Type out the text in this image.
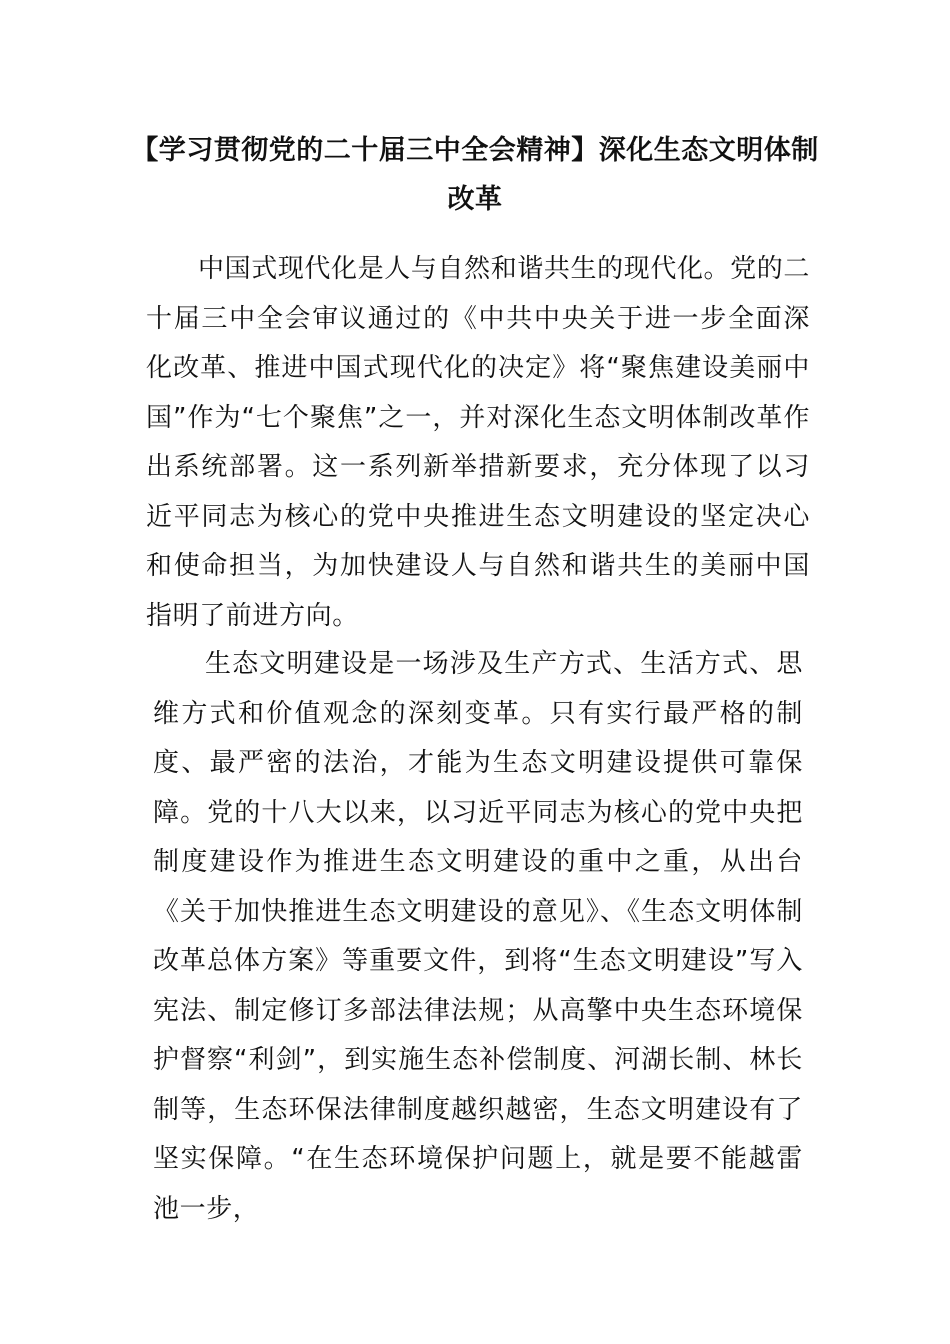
【学习贯彻党的二十届三中全会精神】深化生态文明体制改革

中国式现代化是人与自然和谐共生的现代化。党的二十届三中全会审议通过的《中共中央关于进一步全面深化改革、推进中国式现代化的决定》将“聚焦建设美丽中国”作为“七个聚焦”之一，并对深化生态文明体制改革作出系统部署。这一系列新举措新要求，充分体现了以习近平同志为核心的党中央推进生态文明建设的坚定决心和使命担当，为加快建设人与自然和谐共生的美丽中国指明了前进方向。

生态文明建设是一场涉及生产方式、生活方式、思维方式和价值观念的深刻变革。只有实行最严格的制度、最严密的法治，才能为生态文明建设提供可靠保障。党的十八大以来，以习近平同志为核心的党中央把制度建设作为推进生态文明建设的重中之重，从出台《关于加快推进生态文明建设的意见》、《生态文明体制改革总体方案》等重要文件，到将“生态文明建设”写入宪法、制定修订多部法律法规；从高擎中央生态环境保护督察“利剑”，到实施生态补偿制度、河湖长制、林长制等，生态环保法律制度越织越密，生态文明建设有了坚实保障。“在生态环境保护问题上，就是要不能越雷池一步，
